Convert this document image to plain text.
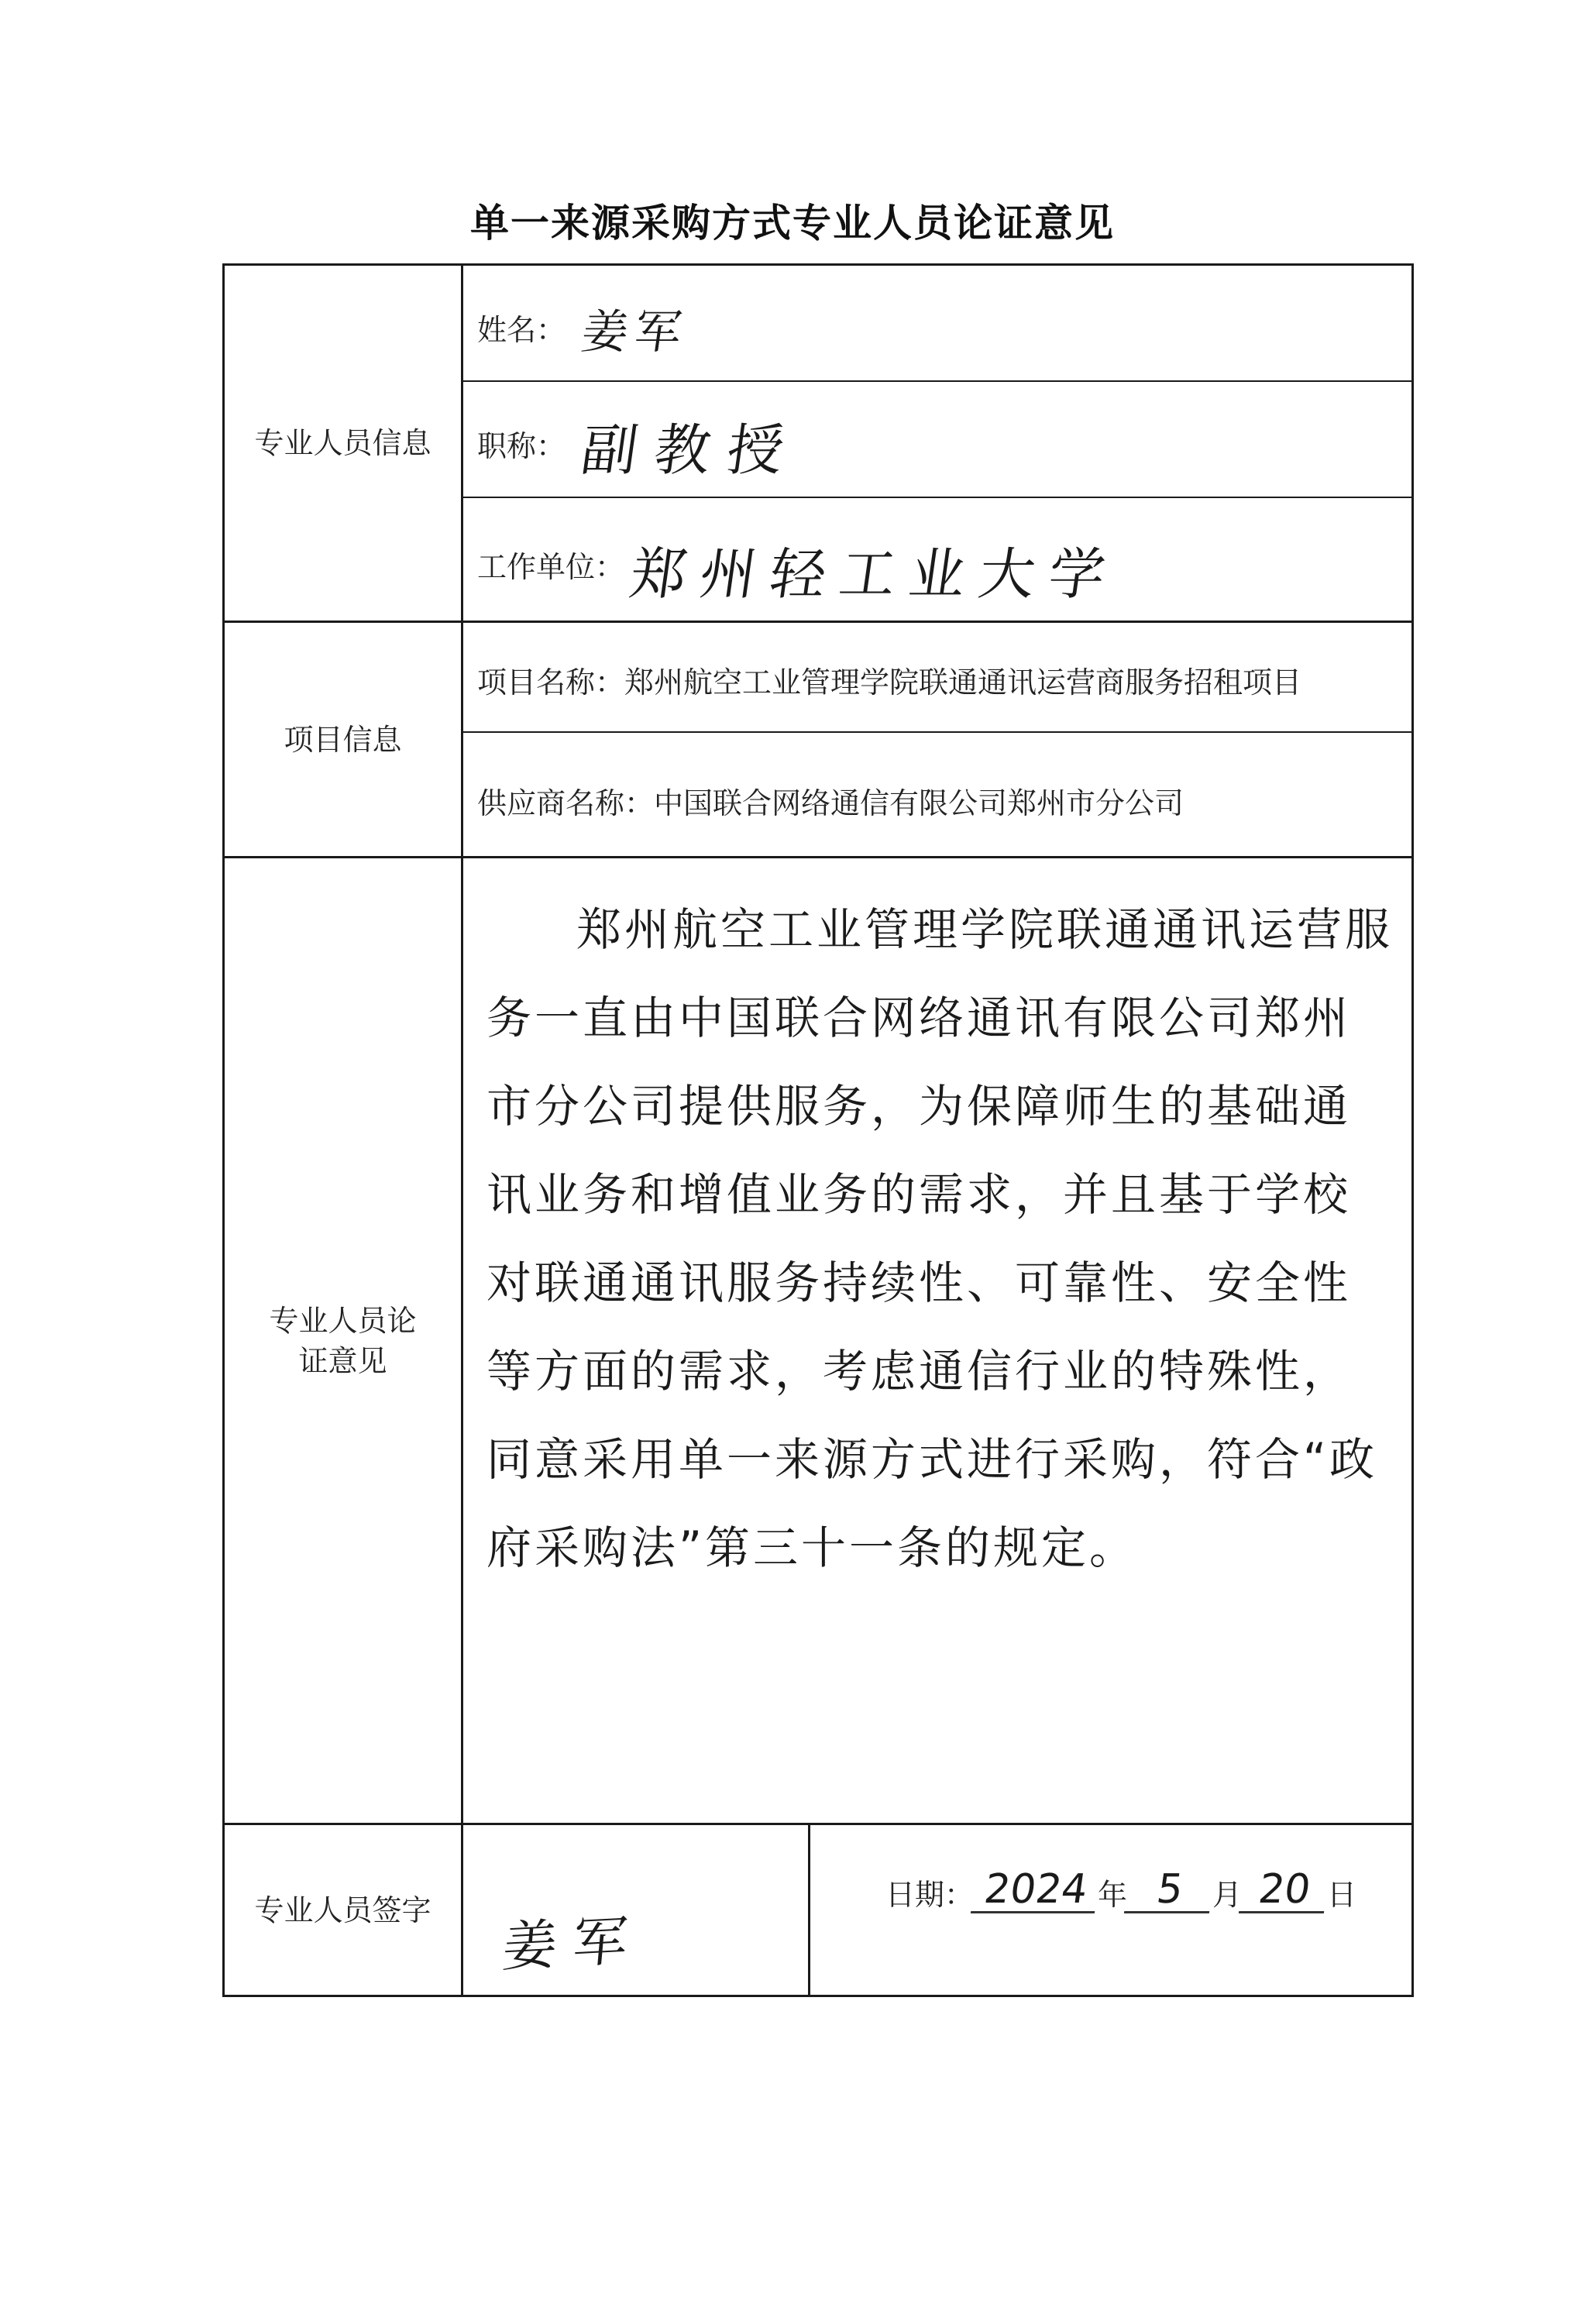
单一来源采购方式专业人员论证意见
专业人员信息
姓名： 姜军
职称： 副教授
工作单位： 郑州轻工业大学
项目信息
项目名称： 郑州航空工业管理学院联通通讯运营商服务招租项目
供应商名称： 中国联合网络通信有限公司郑州市分公司
专业人员论证意见
郑州航空工业管理学院联通通讯运营服务一直由中国联合网络通讯有限公司郑州市分公司提供服务，为保障师生的基础通讯业务和增值业务的需求，并且基于学校对联通通讯服务持续性、可靠性、安全性等方面的需求，考虑通信行业的特殊性，同意采用单一来源方式进行采购，符合“政府采购法”第三十一条的规定。
专业人员签字	姜军
日期： 2024 年 5 月 20 日
